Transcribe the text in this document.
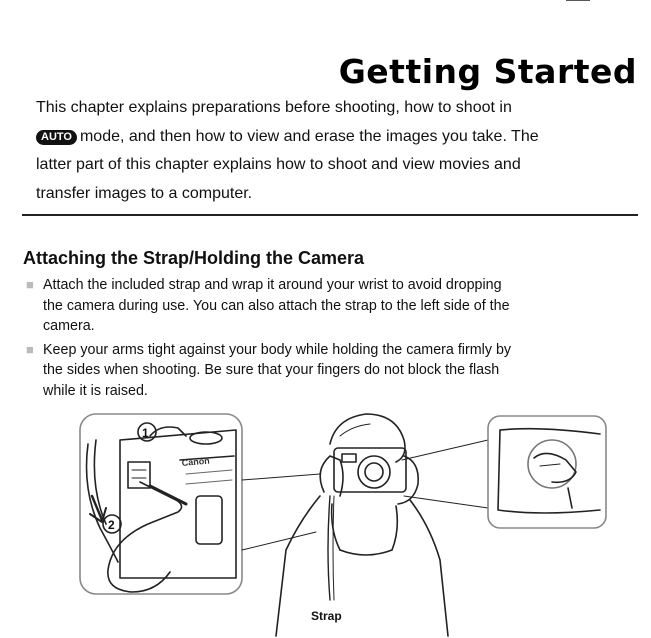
Getting Started

This chapter explains preparations before shooting, how to shoot in
AUTO mode, and then how to view and erase the images you take. The
latter part of this chapter explains how to shoot and view movies and
transfer images to a computer.

Attaching the Strap/Holding the Camera
■ Attach the included strap and wrap it around your wrist to avoid dropping
the camera during use. You can also attach the strap to the left side of the
camera.
■ Keep your arms tight against your body while holding the camera firmly by
the sides when shooting. Be sure that your fingers do not block the flash
while it is raised.
1
2
Canon
Strap
